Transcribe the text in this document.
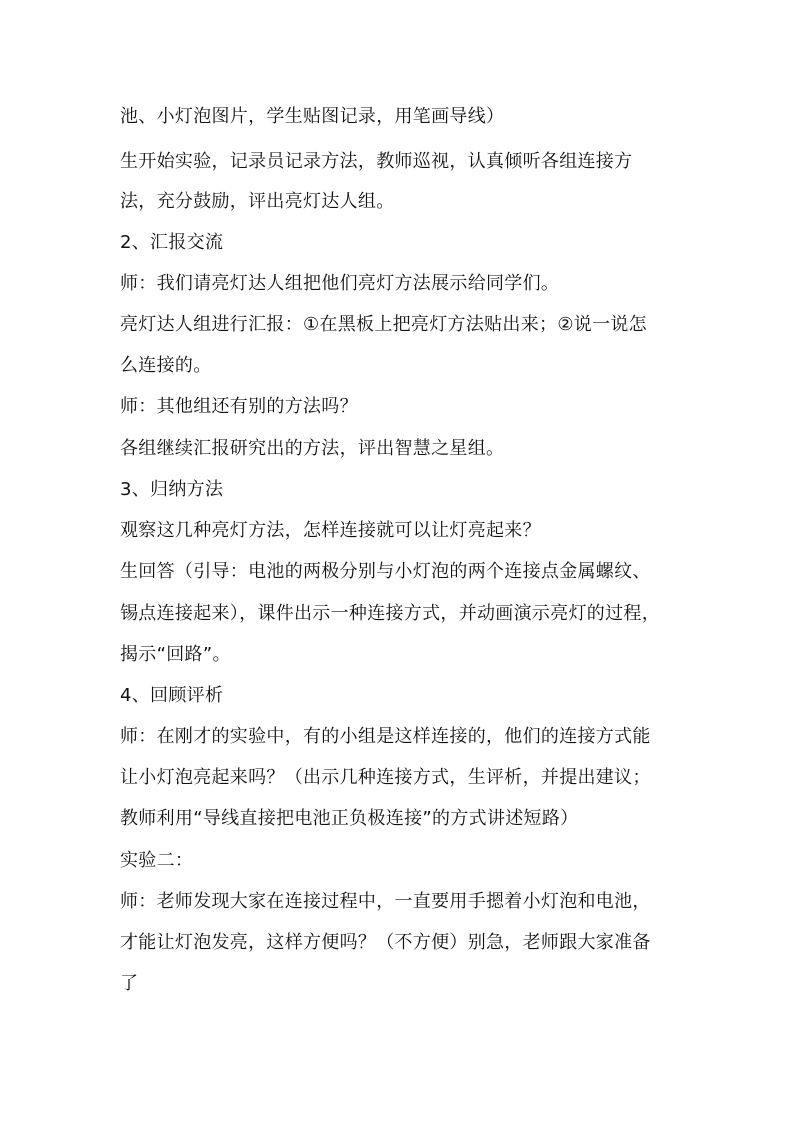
池、小灯泡图片，学生贴图记录，用笔画导线）
生开始实验，记录员记录方法，教师巡视，认真倾听各组连接方
法，充分鼓励，评出亮灯达人组。
2、汇报交流
师：我们请亮灯达人组把他们亮灯方法展示给同学们。
亮灯达人组进行汇报：①在黑板上把亮灯方法贴出来；②说一说怎
么连接的。
师：其他组还有别的方法吗？
各组继续汇报研究出的方法，评出智慧之星组。
3、归纳方法
观察这几种亮灯方法，怎样连接就可以让灯亮起来？
生回答（引导：电池的两极分别与小灯泡的两个连接点金属螺纹、
锡点连接起来），课件出示一种连接方式，并动画演示亮灯的过程，
揭示“回路”。
4、回顾评析
师：在刚才的实验中，有的小组是这样连接的，他们的连接方式能
让小灯泡亮起来吗？（出示几种连接方式，生评析，并提出建议；
教师利用“导线直接把电池正负极连接”的方式讲述短路）
实验二：
师：老师发现大家在连接过程中，一直要用手摁着小灯泡和电池，
才能让灯泡发亮，这样方便吗？（不方便）别急，老师跟大家准备
了
